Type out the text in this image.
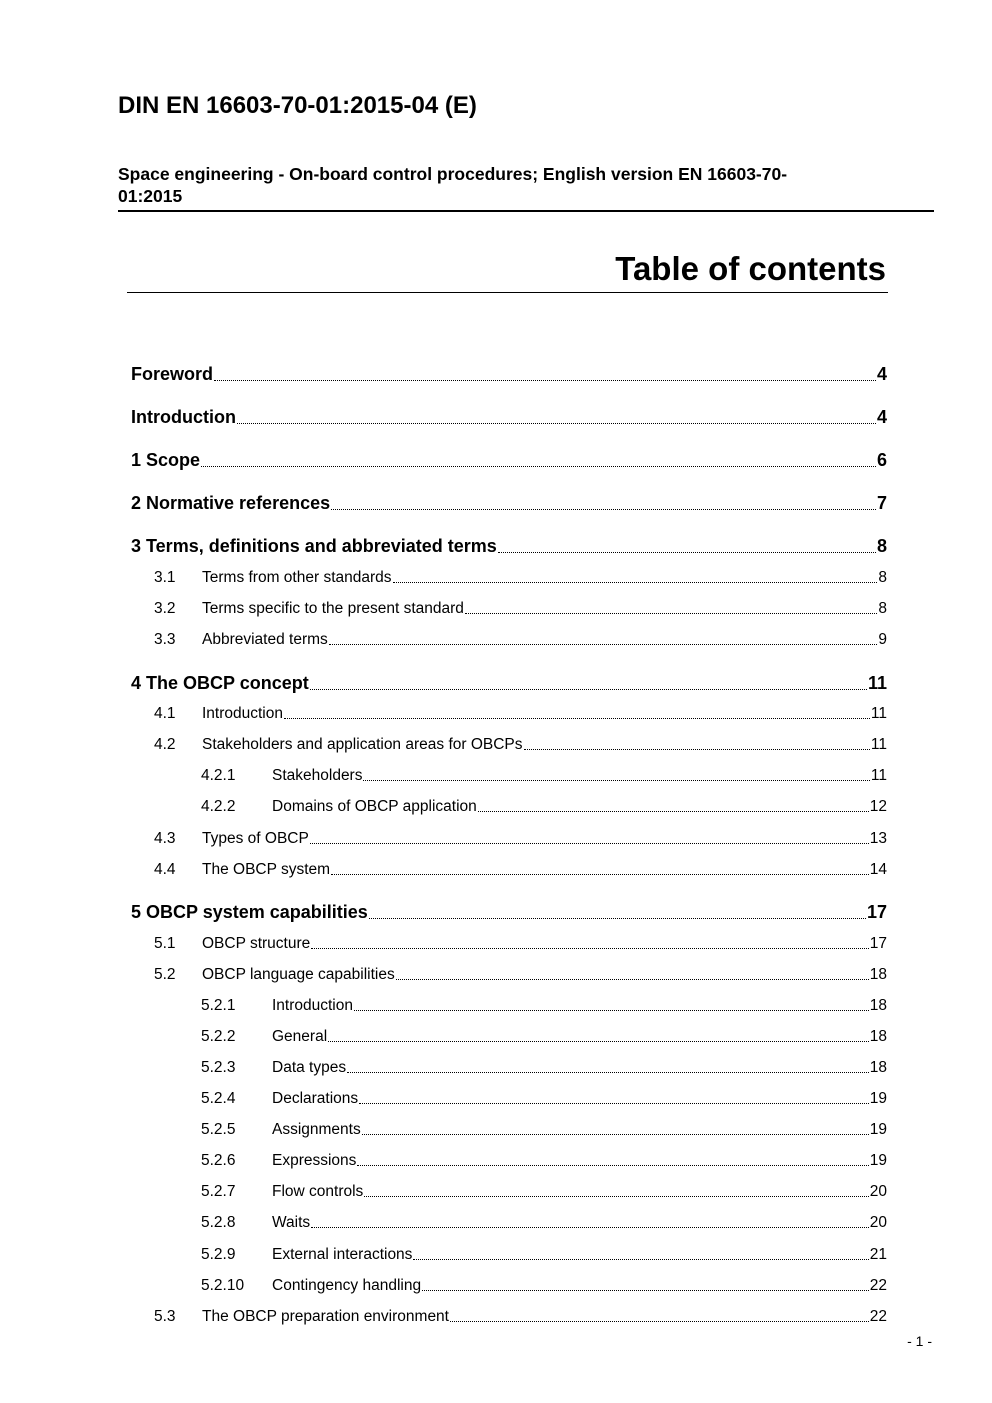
DIN EN 16603-70-01:2015-04 (E)
Space engineering - On-board control procedures; English version EN 16603-70-
01:2015
Table of contents
Foreword	4
Introduction	4
1 Scope	6
2 Normative references	7
3 Terms, definitions and abbreviated terms	8
3.1	Terms from other standards	8
3.2	Terms specific to the present standard	8
3.3	Abbreviated terms	9
4 The OBCP concept	11
4.1	Introduction	11
4.2	Stakeholders and application areas for OBCPs	11
4.2.1	Stakeholders	11
4.2.2	Domains of OBCP application	12
4.3	Types of OBCP	13
4.4	The OBCP system	14
5 OBCP system capabilities	17
5.1	OBCP structure	17
5.2	OBCP language capabilities	18
5.2.1	Introduction	18
5.2.2	General	18
5.2.3	Data types	18
5.2.4	Declarations	19
5.2.5	Assignments	19
5.2.6	Expressions	19
5.2.7	Flow controls	20
5.2.8	Waits	20
5.2.9	External interactions	21
5.2.10	Contingency handling	22
5.3	The OBCP preparation environment	22
- 1 -
